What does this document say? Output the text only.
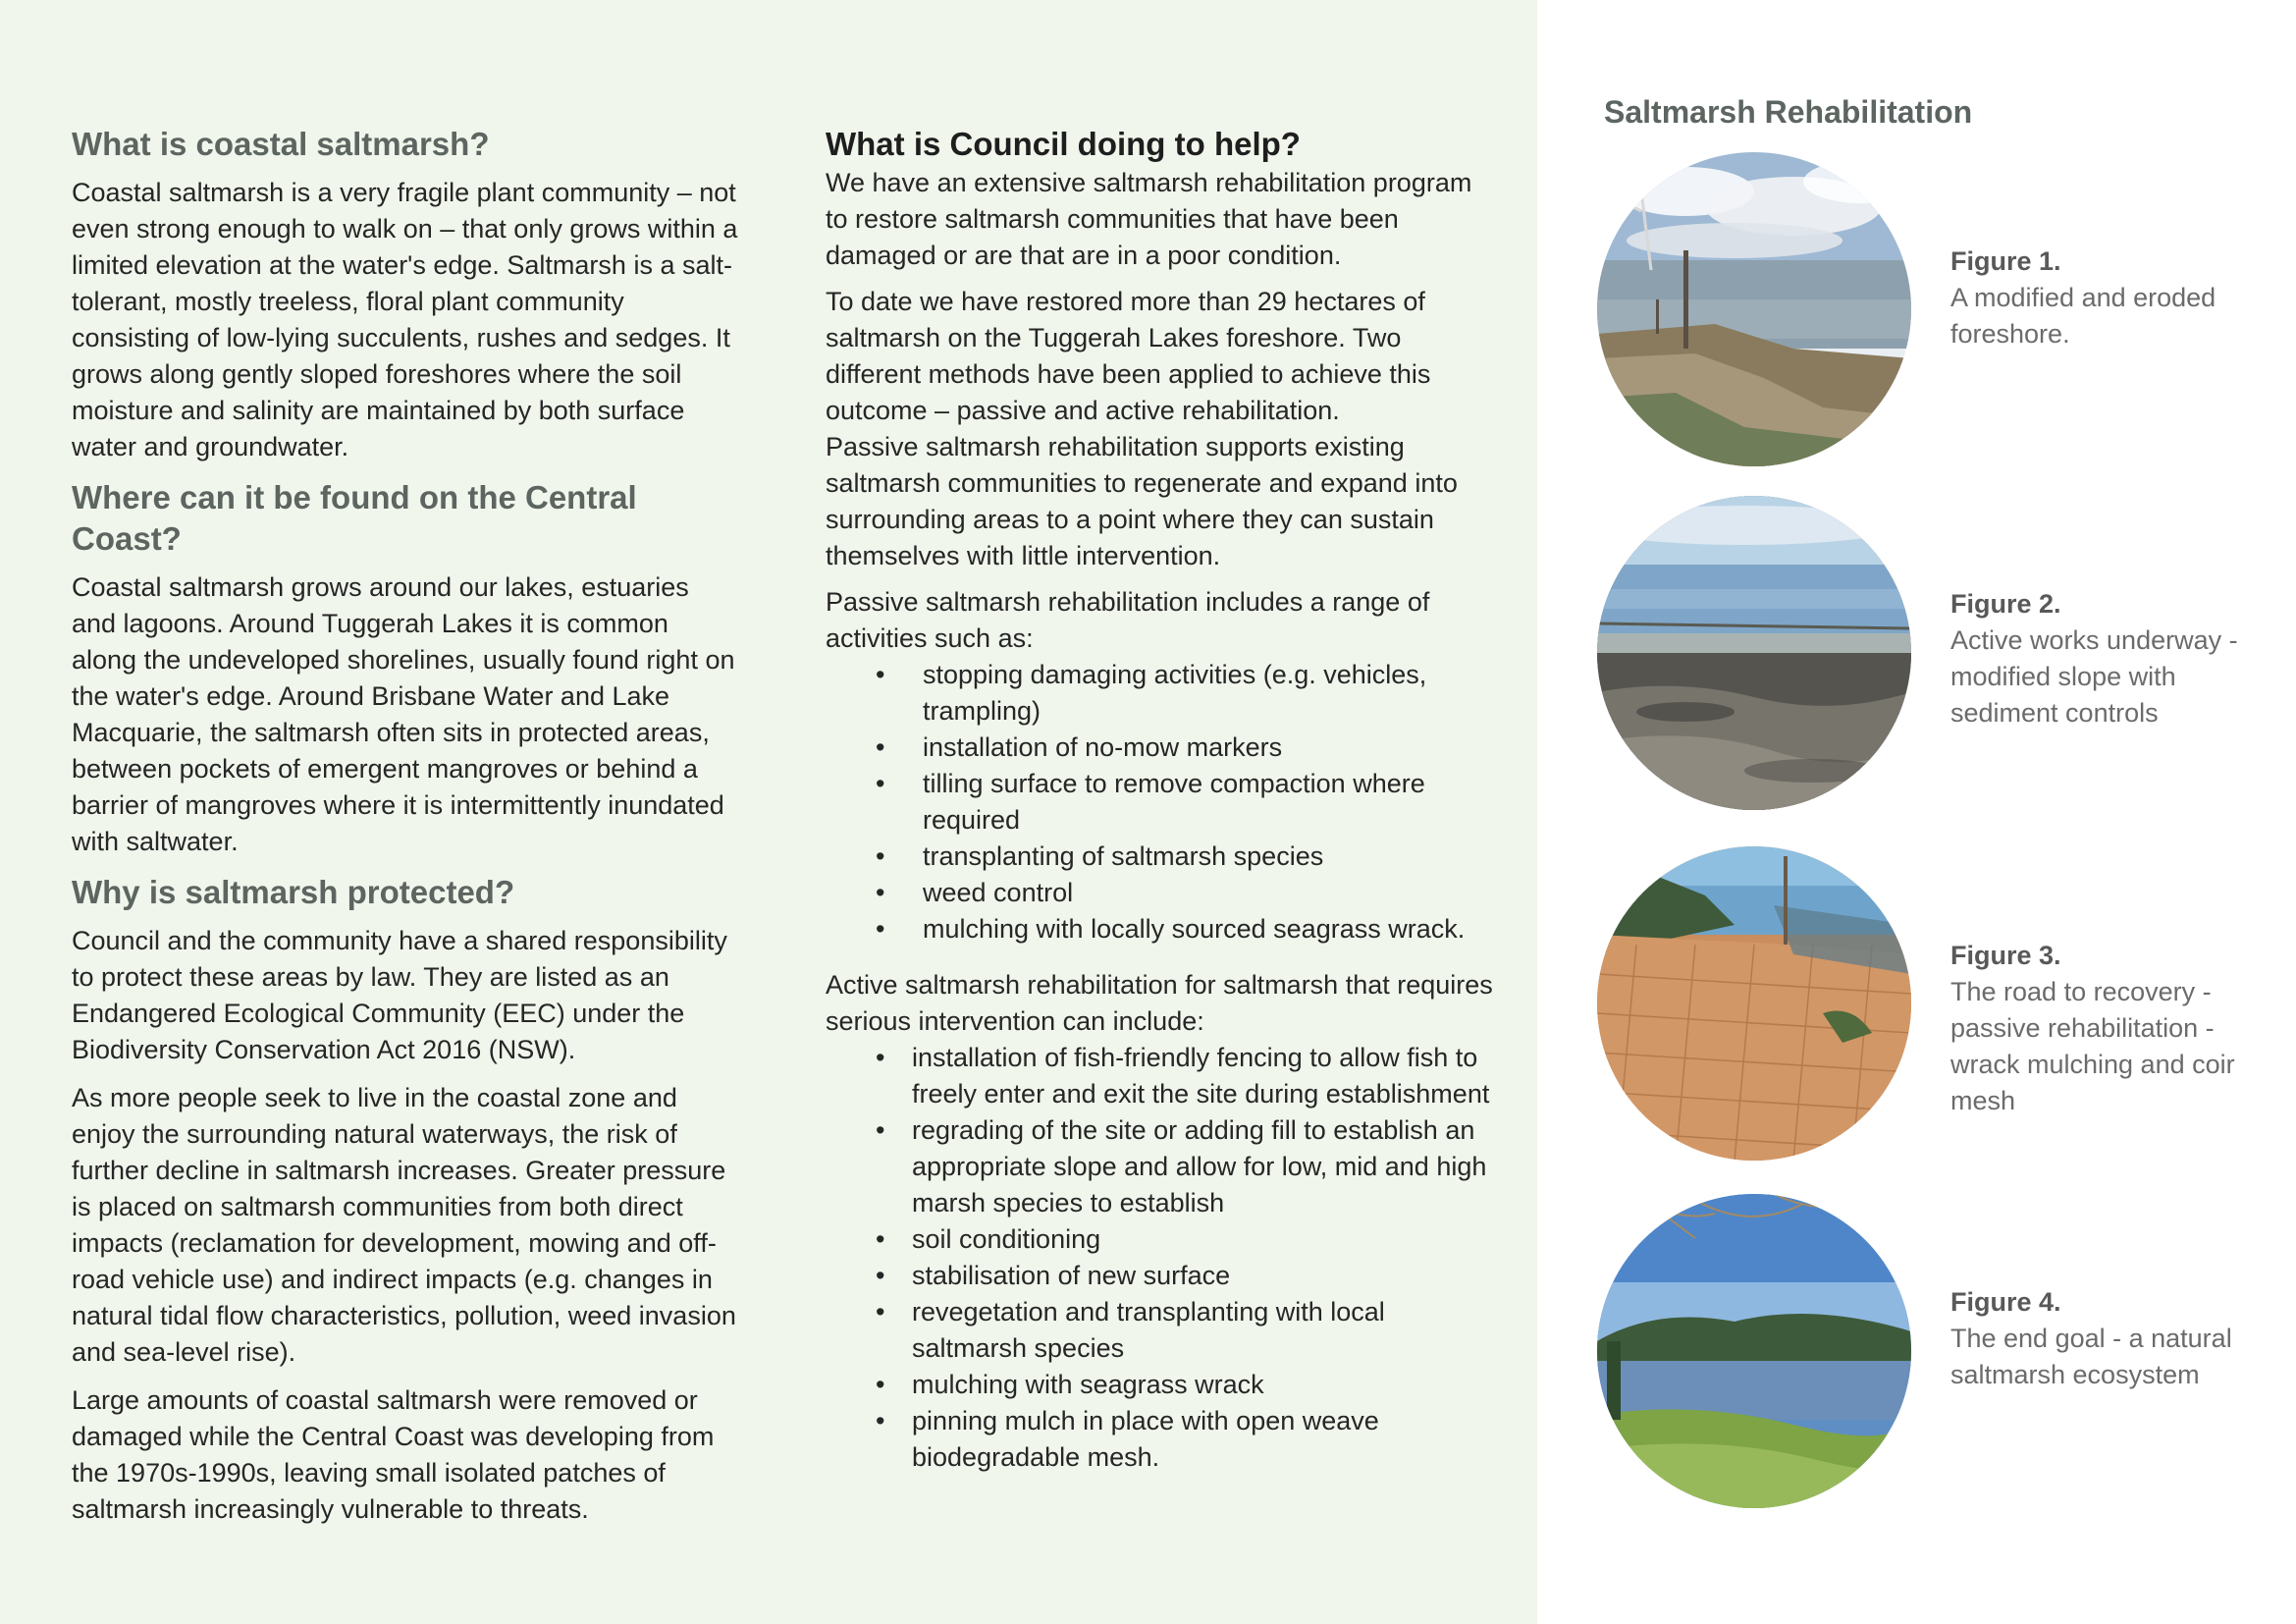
What is coastal saltmarsh?

Coastal saltmarsh is a very fragile plant community – not even strong enough to walk on – that only grows within a limited elevation at the water's edge. Saltmarsh is a salt-tolerant, mostly treeless, floral plant community consisting of low-lying succulents, rushes and sedges. It grows along gently sloped foreshores where the soil moisture and salinity are maintained by both surface water and groundwater.

Where can it be found on the Central Coast?

Coastal saltmarsh grows around our lakes, estuaries and lagoons. Around Tuggerah Lakes it is common along the undeveloped shorelines, usually found right on the water's edge. Around Brisbane Water and Lake Macquarie, the saltmarsh often sits in protected areas, between pockets of emergent mangroves or behind a barrier of mangroves where it is intermittently inundated with saltwater.

Why is saltmarsh protected?

Council and the community have a shared responsibility to protect these areas by law. They are listed as an Endangered Ecological Community (EEC) under the Biodiversity Conservation Act 2016 (NSW).

As more people seek to live in the coastal zone and enjoy the surrounding natural waterways, the risk of further decline in saltmarsh increases. Greater pressure is placed on saltmarsh communities from both direct impacts (reclamation for development, mowing and off-road vehicle use) and indirect impacts (e.g. changes in natural tidal flow characteristics, pollution, weed invasion and sea-level rise).

Large amounts of coastal saltmarsh were removed or damaged while the Central Coast was developing from the 1970s-1990s, leaving small isolated patches of saltmarsh increasingly vulnerable to threats.

What is Council doing to help?

We have an extensive saltmarsh rehabilitation program to restore saltmarsh communities that have been damaged or are that are in a poor condition.

To date we have restored more than 29 hectares of saltmarsh on the Tuggerah Lakes foreshore. Two different methods have been applied to achieve this outcome – passive and active rehabilitation.

Passive saltmarsh rehabilitation supports existing saltmarsh communities to regenerate and expand into surrounding areas to a point where they can sustain themselves with little intervention.

Passive saltmarsh rehabilitation includes a range of activities such as:

• stopping damaging activities (e.g. vehicles, trampling)
• installation of no-mow markers
• tilling surface to remove compaction where required
• transplanting of saltmarsh species
• weed control
• mulching with locally sourced seagrass wrack.

Active saltmarsh rehabilitation for saltmarsh that requires serious intervention can include:

• installation of fish-friendly fencing to allow fish to freely enter and exit the site during establishment
• regrading of the site or adding fill to establish an appropriate slope and allow for low, mid and high marsh species to establish
• soil conditioning
• stabilisation of new surface
• revegetation and transplanting with local saltmarsh species
• mulching with seagrass wrack
• pinning mulch in place with open weave biodegradable mesh.
Saltmarsh Rehabilitation
Figure 1.
A modified and eroded foreshore.
Figure 2.
Active works underway - modified slope with sediment controls
Figure 3.
The road to recovery - passive rehabilitation - wrack mulching and coir mesh
Figure 4.
The end goal - a natural saltmarsh ecosystem
